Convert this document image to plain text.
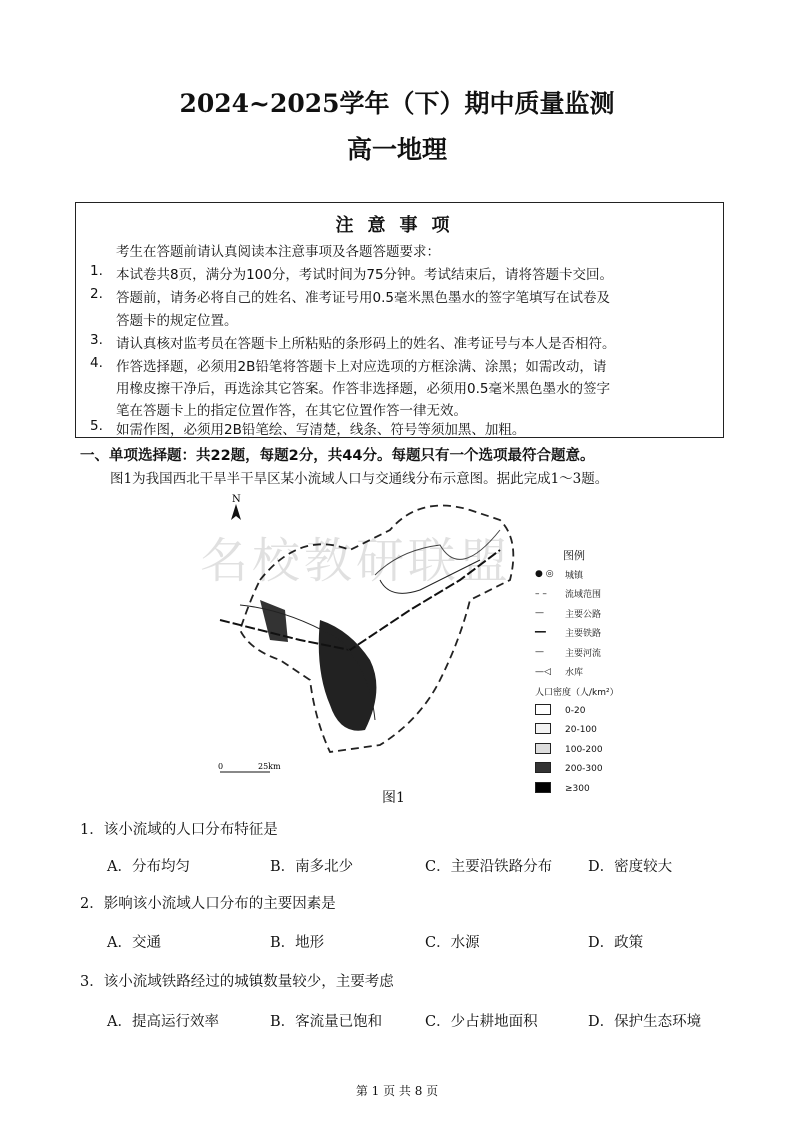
2024~2025学年（下）期中质量监测
高一地理
注意事项
考生在答题前请认真阅读本注意事项及各题答题要求：
1. 本试卷共8页，满分为100分，考试时间为75分钟。考试结束后，请将答题卡交回。
2. 答题前，请务必将自己的姓名、准考证号用0.5毫米黑色墨水的签字笔填写在试卷及
答题卡的规定位置。
3. 请认真核对监考员在答题卡上所粘贴的条形码上的姓名、准考证号与本人是否相符。
4. 作答选择题，必须用2B铅笔将答题卡上对应选项的方框涂满、涂黑；如需改动，请
用橡皮擦干净后，再选涂其它答案。作答非选择题，必须用0.5毫米黑色墨水的签字
笔在答题卡上的指定位置作答，在其它位置作答一律无效。
5. 如需作图，必须用2B铅笔绘、写清楚，线条、符号等须加黑、加粗。
一、单项选择题：共22题，每题2分，共44分。每题只有一个选项最符合题意。
图1为我国西北干旱半干旱区某小流域人口与交通线分布示意图。据此完成1～3题。
N
0	25km
名校教研联盟	图例
● ◎	城镇
– –	流域范围
—	主要公路
━━	主要铁路
—	主要河流
—◁	水库
人口密度（人/km²）
0-20
20-100
100-200
200-300
≥300
图1
1．该小流域的人口分布特征是
A．分布均匀	B．南多北少	C．主要沿铁路分布 D．密度较大
2．影响该小流域人口分布的主要因素是
A．交通	B．地形	C．水源	D．政策
3．该小流域铁路经过的城镇数量较少，主要考虑
A．提高运行效率	B．客流量已饱和	C．少占耕地面积	D．保护生态环境
第 1 页 共 8 页
